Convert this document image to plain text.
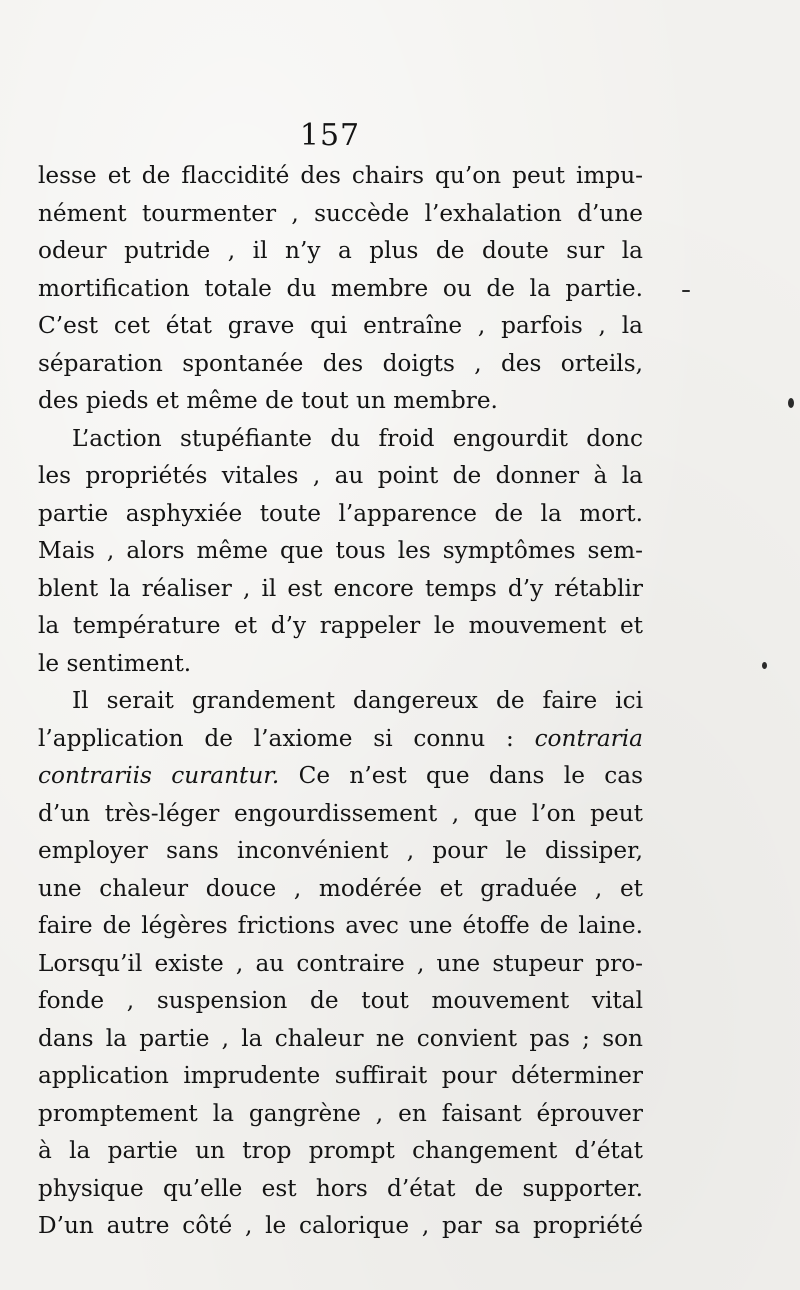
157
lesse et de flaccidité des chairs qu’on peut impu-
nément tourmenter , succède l’exhalation d’une
odeur putride , il n’y a plus de doute sur la
mortification totale du membre ou de la partie.
C’est cet état grave qui entraîne , parfois , la
séparation spontanée des doigts , des orteils,
des pieds et même de tout un membre.
L’action stupéfiante du froid engourdit donc
les propriétés vitales , au point de donner à la
partie asphyxiée toute l’apparence de la mort.
Mais , alors même que tous les symptômes sem-
blent la réaliser , il est encore temps d’y rétablir
la température et d’y rappeler le mouvement et
le sentiment.
Il serait grandement dangereux de faire ici
l’application de l’axiome si connu : contraria
contrariis curantur. Ce n’est que dans le cas
d’un très-léger engourdissement , que l’on peut
employer sans inconvénient , pour le dissiper,
une chaleur douce , modérée et graduée , et
faire de légères frictions avec une étoffe de laine.
Lorsqu’il existe , au contraire , une stupeur pro-
fonde , suspension de tout mouvement vital
dans la partie , la chaleur ne convient pas ; son
application imprudente suffirait pour déterminer
promptement la gangrène , en faisant éprouver
à la partie un trop prompt changement d’état
physique qu’elle est hors d’état de supporter.
D’un autre côté , le calorique , par sa propriété
